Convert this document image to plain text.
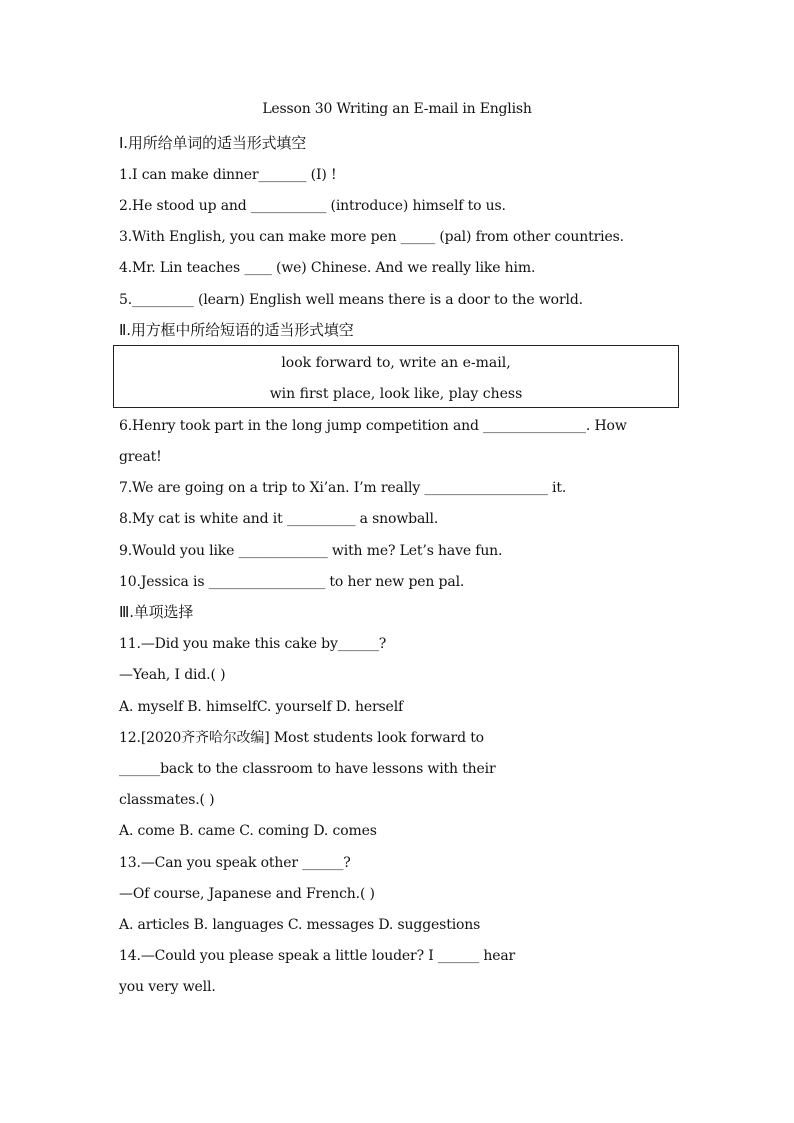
Lesson 30 Writing an E-mail in English
Ⅰ.用所给单词的适当形式填空
1.I can make dinner_______ (I) !
2.He stood up and ___________ (introduce) himself to us.
3.With English, you can make more pen _____ (pal) from other countries.
4.Mr. Lin teaches ____ (we) Chinese. And we really like him.
5._________ (learn) English well means there is a door to the world.
Ⅱ.用方框中所给短语的适当形式填空
look forward to, write an e-mail,
win first place, look like, play chess
6.Henry took part in the long jump competition and _______________. How
great!
7.We are going on a trip to Xi’an. I’m really __________________ it.
8.My cat is white and it __________ a snowball.
9.Would you like _____________ with me? Let’s have fun.
10.Jessica is _________________ to her new pen pal.
Ⅲ.单项选择
11.—Did you make this cake by______?
—Yeah, I did.( )
A. myself B. himselfC. yourself D. herself
12.[2020齐齐哈尔改编] Most students look forward to
______back to the classroom to have lessons with their
classmates.( )
A. come B. came C. coming D. comes
13.—Can you speak other ______?
—Of course, Japanese and French.( )
A. articles B. languages C. messages D. suggestions
14.—Could you please speak a little louder? I ______ hear
you very well.
